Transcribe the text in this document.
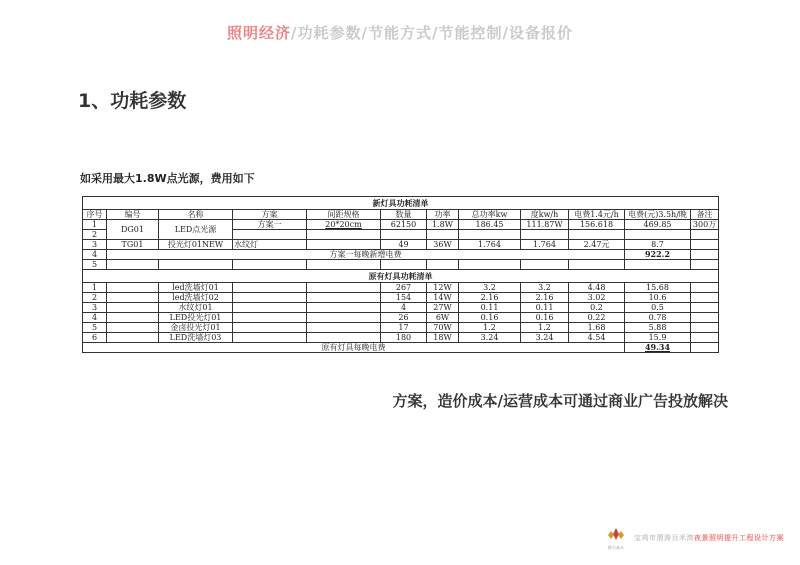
照明经济/功耗参数/节能方式/节能控制/设备报价
1、功耗参数
如采用最大1.8W点光源，费用如下
新灯具功耗清单											
序号	编号	名称	方案	间距规格	数量	功率	总功率kw	度kw/h	电费1.4元/h	电费(元)3.5h/晚	备注
1	DG01	LED点光源	方案一	20*20cm	62150	1.8W	186.45	111.87W	156.618	469.85	300万
2											
3	TG01	投光灯01NEW	水纹灯		49	36W	1.764	1.764	2.47元	8.7	
4	方案一每晚新增电费									922.2	
5											
原有灯具功耗清单											
1		led洗墙灯01			267	12W	3.2	3.2	4.48	15.68	
2		led洗墙灯02			154	14W	2.16	2.16	3.02	10.6	
3		水纹灯01			4	27W	0.11	0.11	0.2	0.5	
4		LED投光灯01			26	6W	0.16	0.16	0.22	0.78	
5		金卤投光灯01			17	70W	1.2	1.2	1.68	5.88	
6		LED洗墙灯03			180	18W	3.24	3.24	4.54	15.9	
原有灯具每晚电费										49.34	
方案，造价成本/运营成本可通过商业广告投放解决
稚尔森木
宝鸡市渭涛百米湾夜景照明提升工程设计方案
